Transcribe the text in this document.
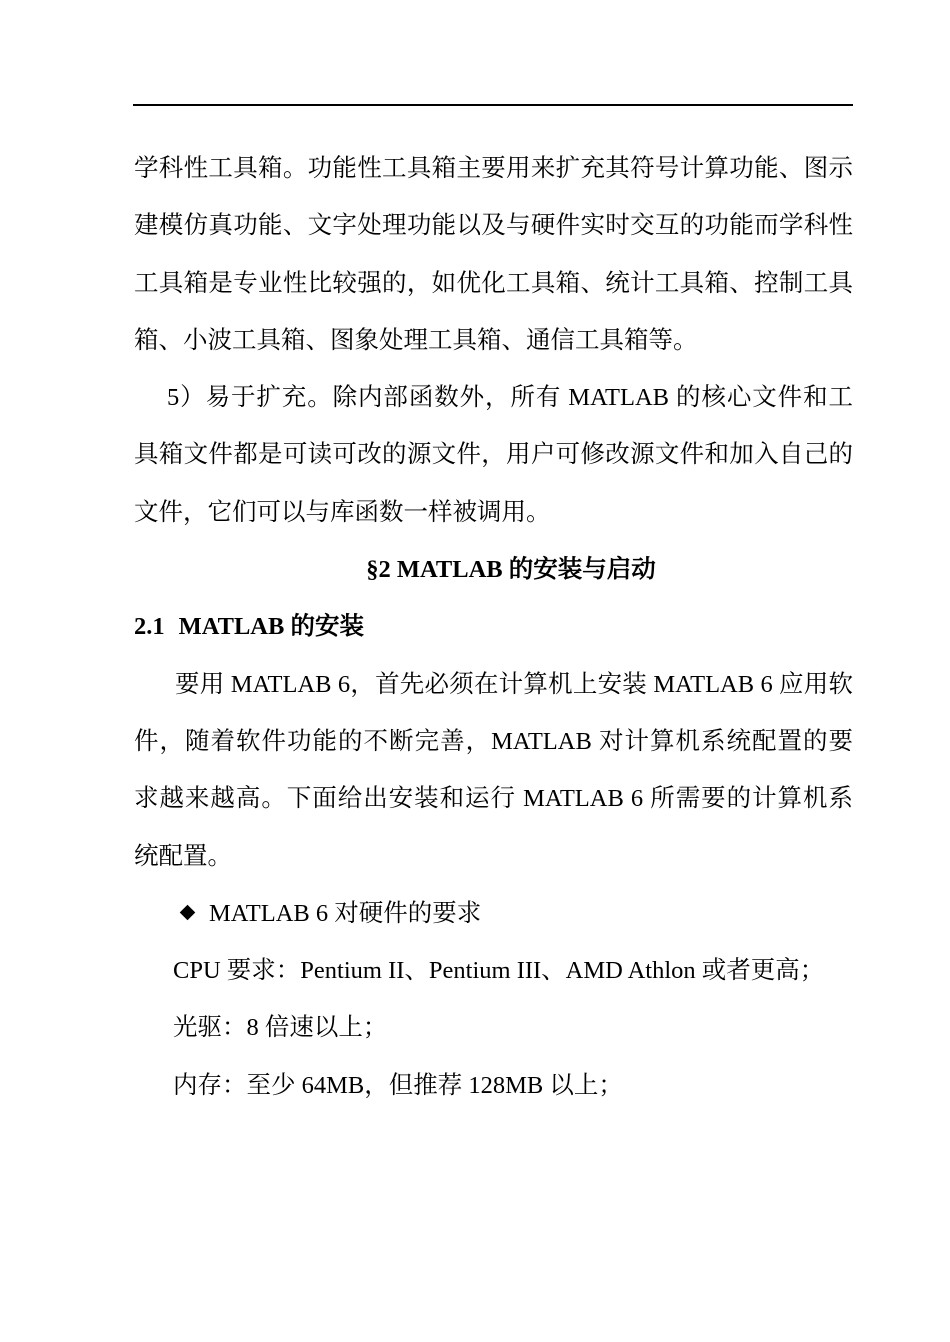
学科性工具箱。功能性工具箱主要用来扩充其符号计算功能、图示建模仿真功能、文字处理功能以及与硬件实时交互的功能而学科性工具箱是专业性比较强的，如优化工具箱、统计工具箱、控制工具箱、小波工具箱、图象处理工具箱、通信工具箱等。

5）易于扩充。除内部函数外，所有 MATLAB 的核心文件和工具箱文件都是可读可改的源文件，用户可修改源文件和加入自己的文件，它们可以与库函数一样被调用。

§2 MATLAB 的安装与启动

2.1 MATLAB 的安装

要用 MATLAB 6，首先必须在计算机上安装 MATLAB 6 应用软件，随着软件功能的不断完善，MATLAB 对计算机系统配置的要求越来越高。下面给出安装和运行 MATLAB 6 所需要的计算机系统配置。

MATLAB 6 对硬件的要求

CPU 要求：Pentium II、Pentium III、AMD Athlon 或者更高；

光驱：8 倍速以上；

内存：至少 64MB，但推荐 128MB 以上；
